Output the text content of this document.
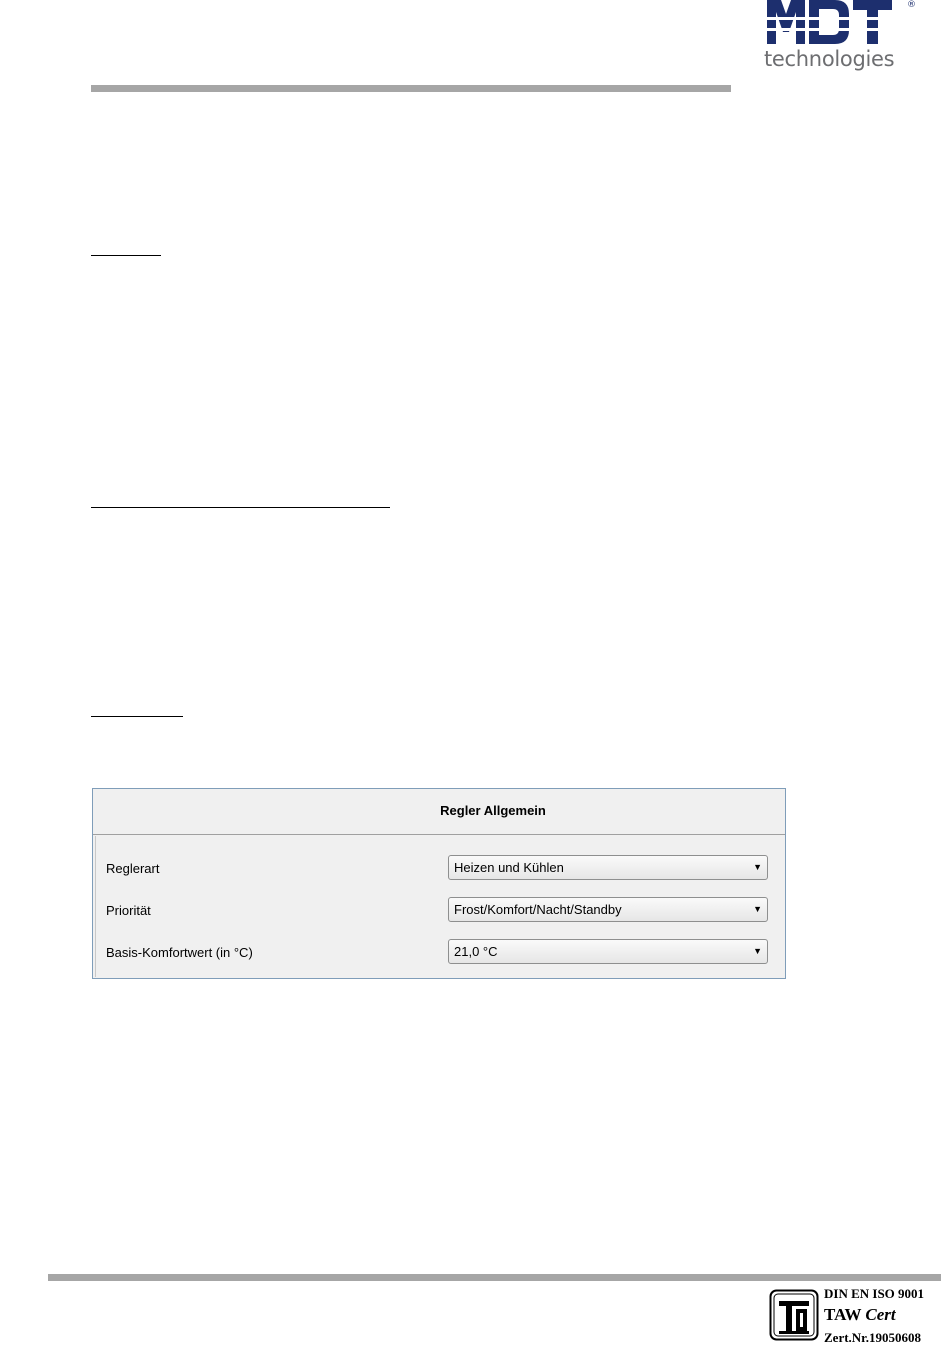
®
technologies
Regler Allgemein
Reglerart	Heizen und Kühlen	▼
Priorität	Frost/Komfort/Nacht/Standby	▼
Basis-Komfortwert (in °C)	21,0 °C	▼
DIN EN ISO 9001
TAW Cert
Zert.Nr.19050608
